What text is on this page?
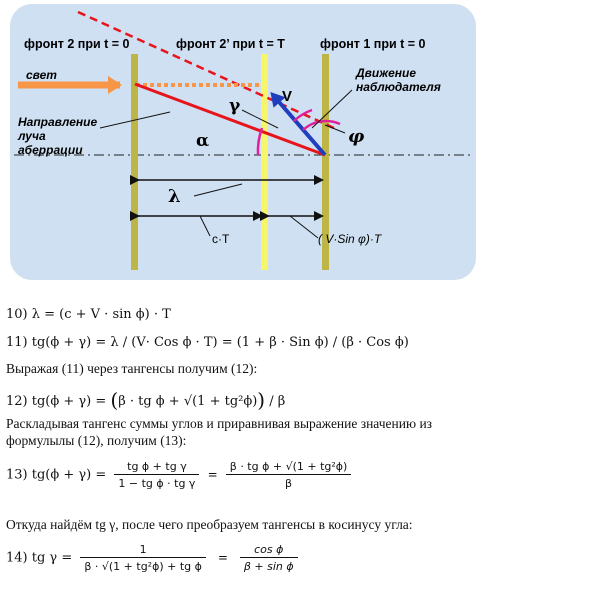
фронт 2 при t = 0	фронт 2’ при t = T	фронт 1 при t = 0
свет	Движение
наблюдателя
Направление
луча
аберрации
V
γ
α	φ
λ
c·T	( V·Sin φ)·T
10) λ = (c + V · sin ϕ) · T
11) tg(ϕ + γ) = λ / (V· Cos ϕ · T) = (1 + β · Sin ϕ) / (β · Cos ϕ)
Выражая (11) через тангенсы получим (12):
12) tg(ϕ + γ) = (β · tg ϕ + √(1 + tg²ϕ)) / β
Раскладывая тангенс суммы углов и приравнивая выражение значению из
формулылы (12), получим (13):
13) $tg(\phi + \gamma) = \frac{\text{tg ϕ + tg γ}}{\text{1 − tg ϕ · tg γ}} = \frac{\text{β · tg ϕ + √(1 + tg²ϕ)}}{\beta}$
Откуда найдём tg γ, после чего преобразуем тангенсы в косинусу угла:
14) tg $\gamma = \frac{1}{\text{β · √(1 + tg²ϕ) + tg ϕ}} = \frac{\text{cos ϕ}}{\text{β + sin ϕ}}$
